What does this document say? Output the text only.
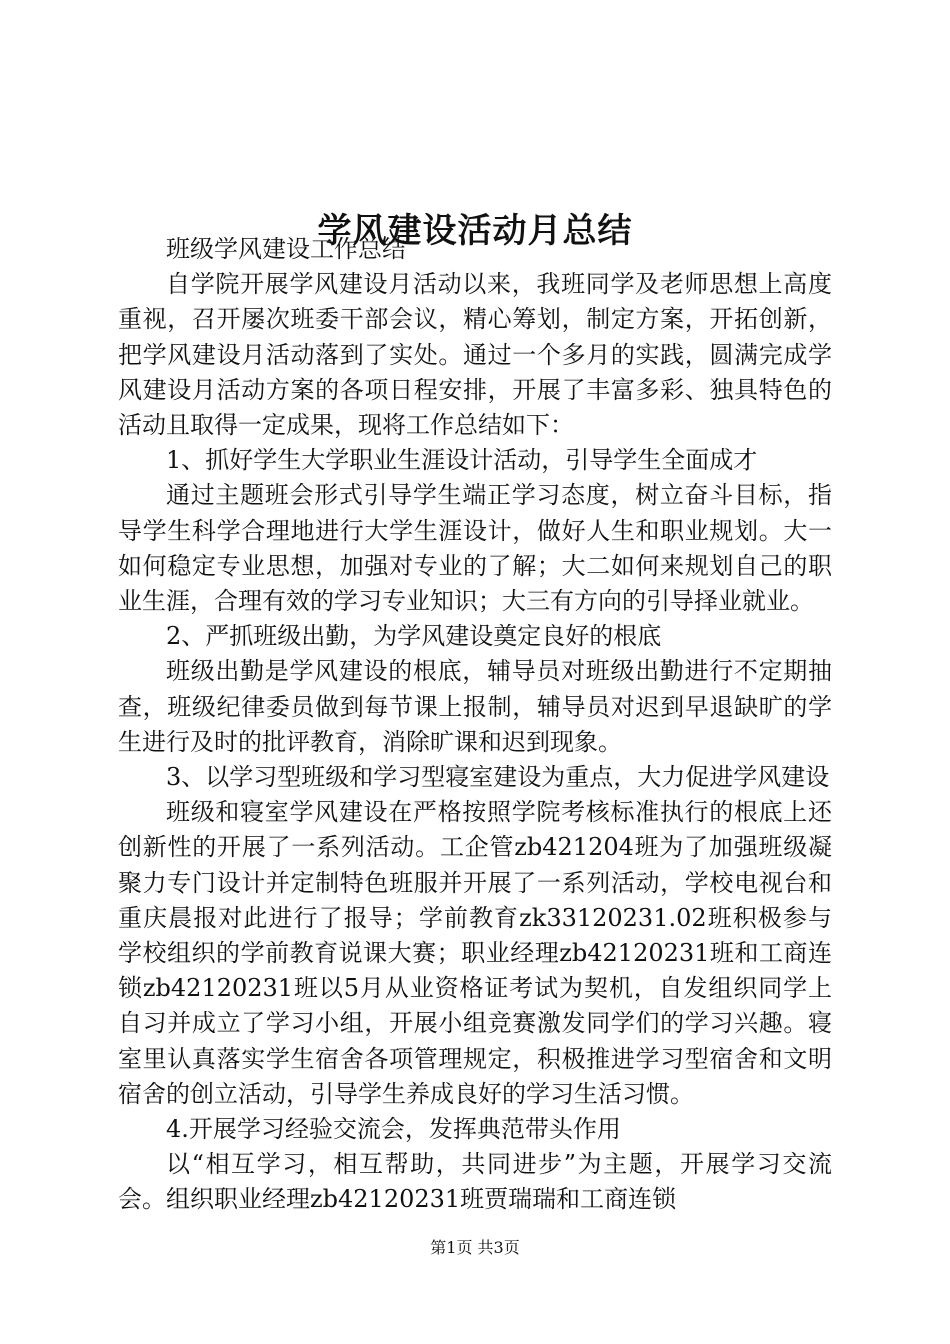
学风建设活动月总结

班级学风建设工作总结

自学院开展学风建设月活动以来，我班同学及老师思想上高度重视，召开屡次班委干部会议，精心筹划，制定方案，开拓创新，把学风建设月活动落到了实处。通过一个多月的实践，圆满完成学风建设月活动方案的各项日程安排，开展了丰富多彩、独具特色的活动且取得一定成果，现将工作总结如下：

1、抓好学生大学职业生涯设计活动，引导学生全面成才

通过主题班会形式引导学生端正学习态度，树立奋斗目标，指导学生科学合理地进行大学生涯设计，做好人生和职业规划。大一如何稳定专业思想，加强对专业的了解；大二如何来规划自己的职业生涯，合理有效的学习专业知识；大三有方向的引导择业就业。

2、严抓班级出勤，为学风建设奠定良好的根底

班级出勤是学风建设的根底，辅导员对班级出勤进行不定期抽查，班级纪律委员做到每节课上报制，辅导员对迟到早退缺旷的学生进行及时的批评教育，消除旷课和迟到现象。

3、以学习型班级和学习型寝室建设为重点，大力促进学风建设

班级和寝室学风建设在严格按照学院考核标准执行的根底上还创新性的开展了一系列活动。工企管zb421204班为了加强班级凝聚力专门设计并定制特色班服并开展了一系列活动，学校电视台和重庆晨报对此进行了报导；学前教育zk33120231.02班积极参与学校组织的学前教育说课大赛；职业经理zb42120231班和工商连锁zb42120231班以5月从业资格证考试为契机，自发组织同学上自习并成立了学习小组，开展小组竞赛激发同学们的学习兴趣。寝室里认真落实学生宿舍各项管理规定，积极推进学习型宿舍和文明宿舍的创立活动，引导学生养成良好的学习生活习惯。

4.开展学习经验交流会，发挥典范带头作用

以“相互学习，相互帮助，共同进步”为主题，开展学习交流会。组织职业经理zb42120231班贾瑞瑞和工商连锁

第1页 共3页
